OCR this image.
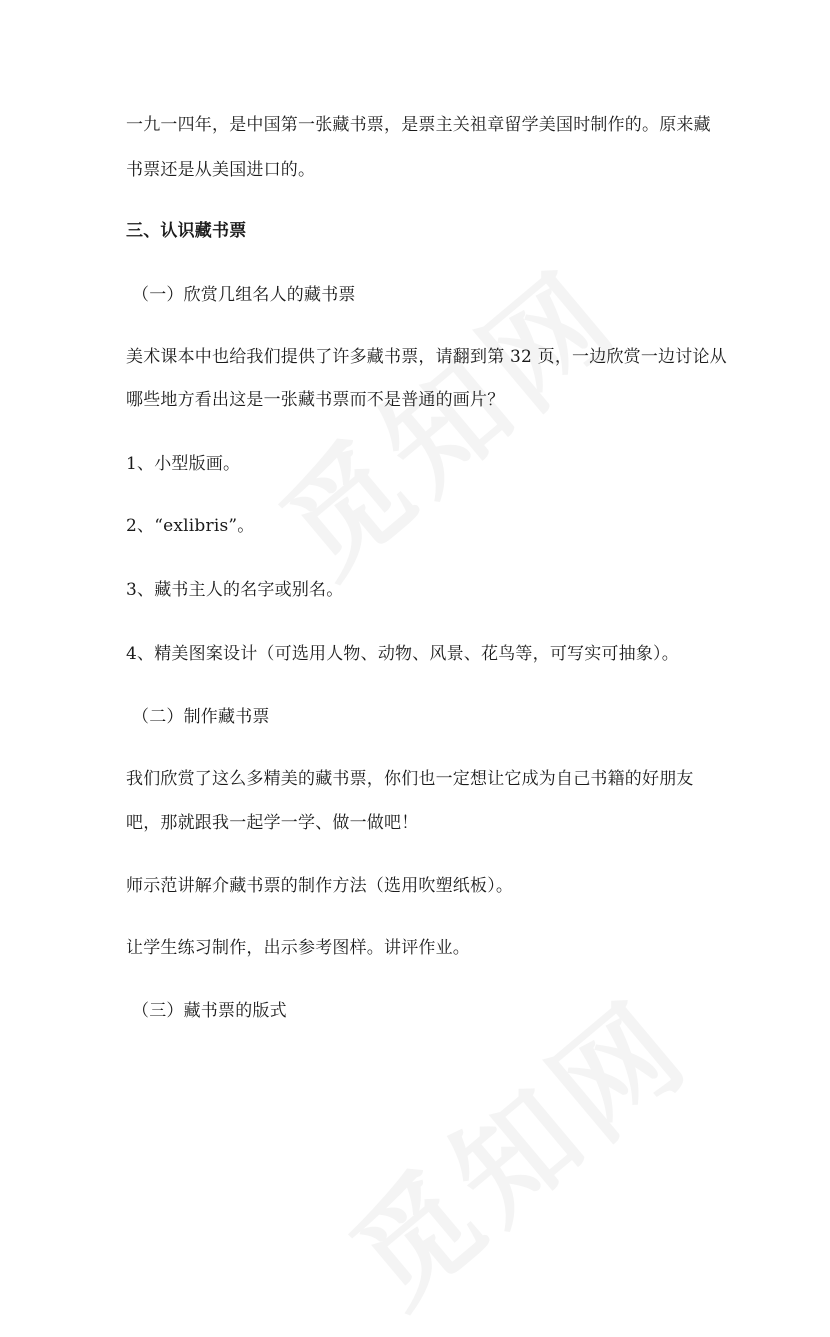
一九一四年，是中国第一张藏书票，是票主关祖章留学美国时制作的。原来藏
书票还是从美国进口的。
三、认识藏书票
（一）欣赏几组名人的藏书票
美术课本中也给我们提供了许多藏书票，请翻到第 32 页，一边欣赏一边讨论从
哪些地方看出这是一张藏书票而不是普通的画片？
1、小型版画。
2、“exlibris”。
3、藏书主人的名字或别名。
4、精美图案设计（可选用人物、动物、风景、花鸟等，可写实可抽象）。
（二）制作藏书票
我们欣赏了这么多精美的藏书票，你们也一定想让它成为自己书籍的好朋友
吧，那就跟我一起学一学、做一做吧！
师示范讲解介藏书票的制作方法（选用吹塑纸板）。
让学生练习制作，出示参考图样。讲评作业。
（三）藏书票的版式
